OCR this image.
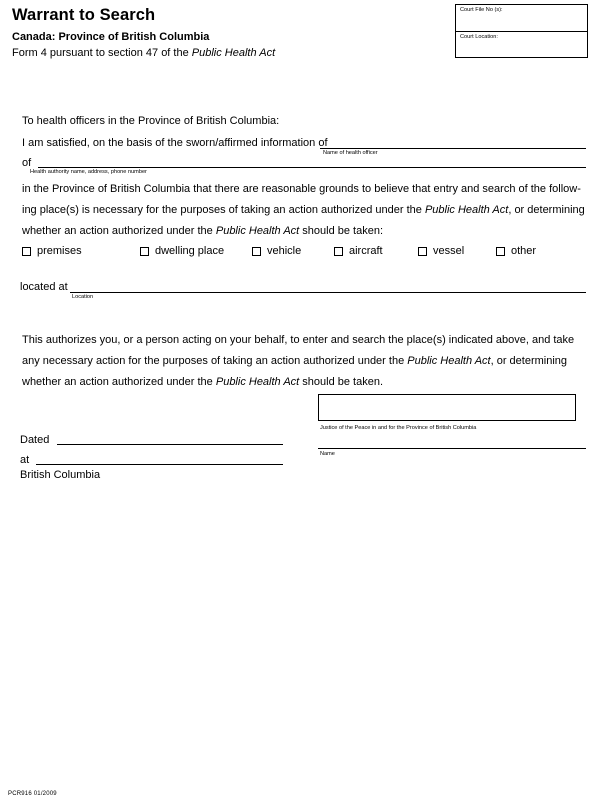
Warrant to Search
Canada: Province of British Columbia
Form 4 pursuant to section 47 of the Public Health Act
Court File No (s):
Court Location:
To health officers in the Province of British Columbia:
I am satisfied, on the basis of the sworn/affirmed information of
Name of health officer
of
Health authority name, address, phone number
in the Province of British Columbia that there are reasonable grounds to believe that entry and search of the follow-ing place(s) is necessary for the purposes of taking an action authorized under the Public Health Act, or determining whether an action authorized under the Public Health Act should be taken:
premises	dwelling place	vehicle	aircraft	vessel	other
located at
Location
This authorizes you, or a person acting on your behalf, to enter and search the place(s) indicated above, and take any necessary action for the purposes of taking an action authorized under the Public Health Act, or determining whether an action authorized under the Public Health Act should be taken.
Justice of the Peace in and for the Province of British Columbia
Name
Dated
at
British Columbia
PCR916 01/2009
